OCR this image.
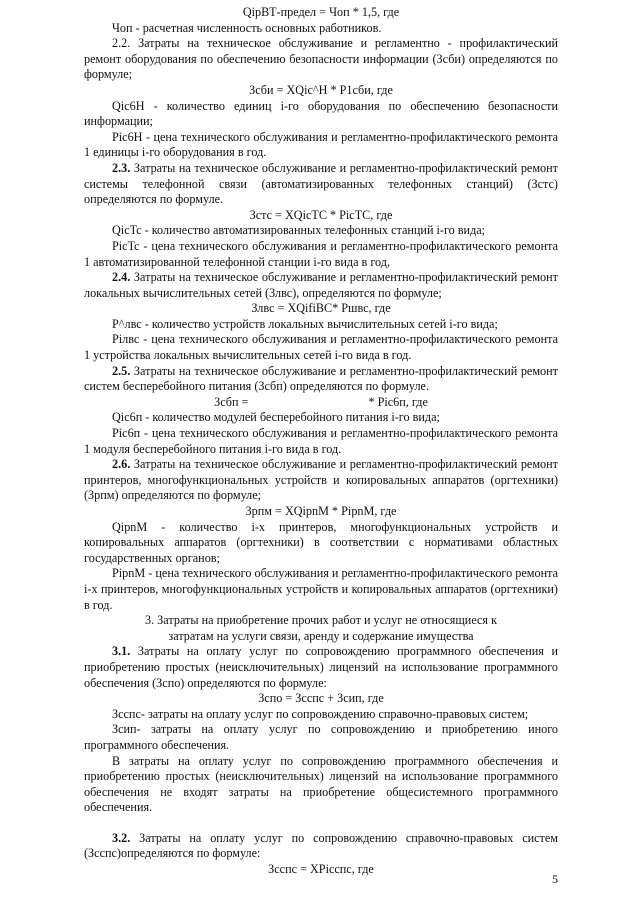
QipВТ-предел = Чоп * 1,5, где

Чоп - расчетная численность основных работников.

2.2. Затраты на техническое обслуживание и регламентно - профилактический ремонт оборудования по обеспечению безопасности информации (Зсби) определяются по формуле;

Зсби = XQic^H * Р1сби, где

Qic6H - количество единиц i-го оборудования по обеспечению безопасности информации;

Pic6H - цена технического обслуживания и регламентно-профилактического ремонта 1 единицы i-го оборудования в год.

2.3. Затраты на техническое обслуживание и регламентно-профилактический ремонт системы телефонной связи (автоматизированных телефонных станций) (Зстс) определяются по формуле.

Зстс = XQicTC * PicTC, где

QicTc - количество автоматизированных телефонных станций i-го вида;

PicTc - цена технического обслуживания и регламентно-профилактического ремонта 1 автоматизированной телефонной станции i-го вида в год,

2.4. Затраты на техническое обслуживание и регламентно-профилактический ремонт локальных вычислительных сетей (Злвс), определяются по формуле;

Злвс = XQifiBC* Ршвс, где

Р^лвс - количество устройств локальных вычислительных сетей i-го вида;

Рiлвс - цена технического обслуживания и регламентно-профилактического ремонта 1 устройства локальных вычислительных сетей i-го вида в год.

2.5. Затраты на техническое обслуживание и регламентно-профилактический ремонт систем бесперебойного питания (Зсбп) определяются по формуле.

Зсбп =	* Pic6п, где

Qic6п - количество модулей бесперебойного питания i-го вида;

Pic6п - цена технического обслуживания и регламентно-профилактического ремонта 1 модуля бесперебойного питания i-го вида в год.

2.6. Затраты на техническое обслуживание и регламентно-профилактический ремонт принтеров, многофункциональных устройств и копировальных аппаратов (оргтехники) (Зрпм) определяются по формуле;

Зрпм = XQipnM * PipnM, где

QipnM - количество i-х принтеров, многофункциональных устройств и копировальных аппаратов (оргтехники) в соответствии с нормативами областных государственных органов;

PipnM - цена технического обслуживания и регламентно-профилактического ремонта i-х принтеров, многофункциональных устройств и копировальных аппаратов (оргтехники) в год.

3. Затраты на приобретение прочих работ и услуг не относящиеся к

затратам на услуги связи, аренду и содержание имущества

3.1. Затраты на оплату услуг по сопровождению программного обеспечения и приобретению простых (неисключительных) лицензий на использование программного обеспечения (Зспо) определяются по формуле:

Зспо = Зсспс + Зсип, где

Зсспс- затраты на оплату услуг по сопровождению справочно-правовых систем;

Зсип- затраты на оплату услуг по сопровождению и приобретению иного программного обеспечения.

В затраты на оплату услуг по сопровождению программного обеспечения и приобретению простых (неисключительных) лицензий на использование программного обеспечения не входят затраты на приобретение общесистемного программного обеспечения.

3.2. Затраты на оплату услуг по сопровождению справочно-правовых систем (Зсспс)определяются по формуле:

Зсспс = XPicспс, где

5
